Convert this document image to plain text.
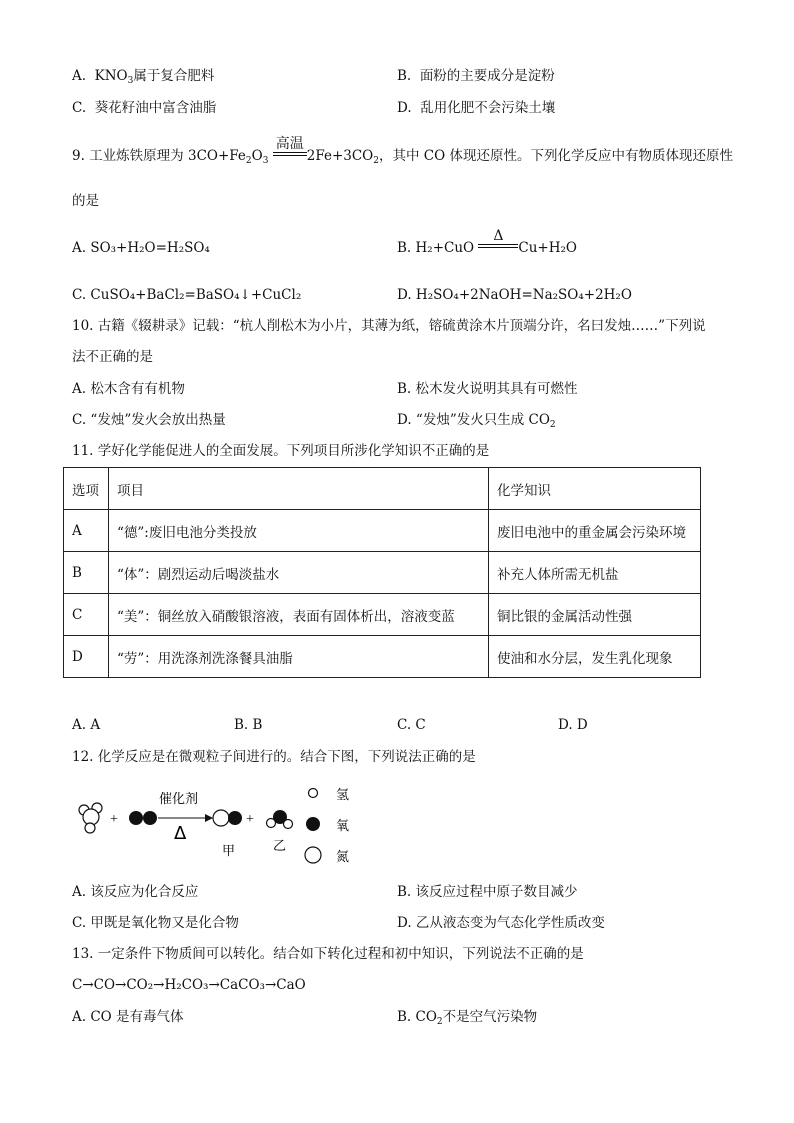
A. $KNO_3$属于复合肥料	B. 面粉的主要成分是淀粉
C. 葵花籽油中富含油脂	D. 乱用化肥不会污染土壤
9. 工业炼铁原理为 $3CO+Fe_2O_3$
高温
$2Fe+3CO_2$，其中 CO 体现还原性。下列化学反应中有物质体现还原性
的是
A. SO₃+H₂O=H₂SO₄	B. H₂+CuO
Δ
Cu+H₂O
C. CuSO₄+BaCl₂=BaSO₄↓+CuCl₂	D. H₂SO₄+2NaOH=Na₂SO₄+2H₂O
10. 古籍《辍耕录》记载：“杭人削松木为小片，其薄为纸，镕硫黄涂木片顶端分许，名曰发烛……”下列说
法不正确的是
A. 松木含有有机物	B. 松木发火说明其具有可燃性
C. “发烛”发火会放出热量	D. “发烛”发火只生成 $CO_2$
11. 学好化学能促进人的全面发展。下列项目所涉化学知识不正确的是
选项	项目	化学知识
A	“德”:废旧电池分类投放	废旧电池中的重金属会污染环境
B	“体”：剧烈运动后喝淡盐水	补充人体所需无机盐
C	“美”：铜丝放入硝酸银溶液，表面有固体析出，溶液变蓝	铜比银的金属活动性强
D	“劳”：用洗涤剂洗涤餐具油脂	使油和水分层，发生乳化现象
A. A	B. B	C. C	D. D
12. 化学反应是在微观粒子间进行的。结合下图，下列说法正确的是
+
催化剂
Δ
甲
+
乙
氢
氧
氮
A. 该反应为化合反应	B. 该反应过程中原子数目减少
C. 甲既是氧化物又是化合物	D. 乙从液态变为气态化学性质改变
13. 一定条件下物质间可以转化。结合如下转化过程和初中知识，下列说法不正确的是
C→CO→CO₂→H₂CO₃→CaCO₃→CaO
A. CO 是有毒气体	B. $CO_2$不是空气污染物
